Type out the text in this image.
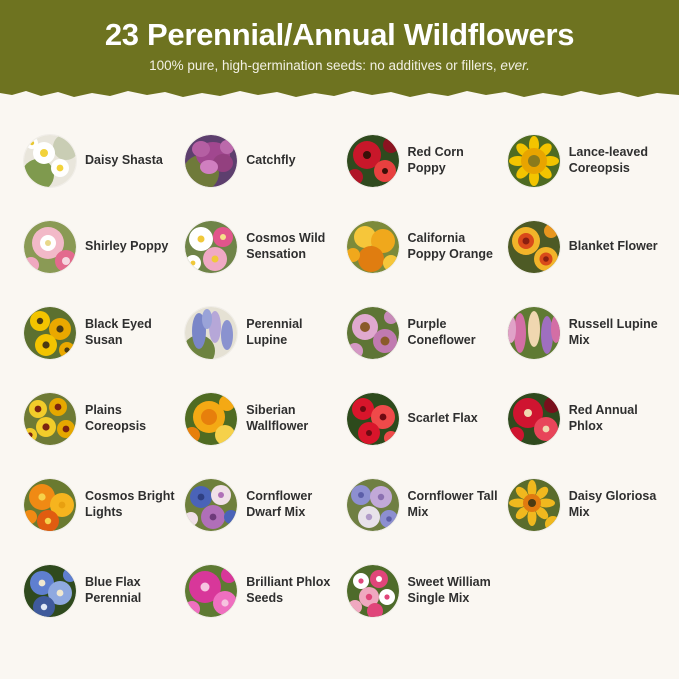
23 Perennial/Annual Wildflowers
100% pure, high-germination seeds: no additives or fillers, ever.
Daisy Shasta	Catchfly
Red Corn Poppy
Lance-leaved Coreopsis
Shirley Poppy
Cosmos Wild Sensation
California Poppy Orange
Blanket Flower
Black Eyed Susan
Perennial Lupine
Purple Coneflower
Russell Lupine Mix
Plains Coreopsis
Siberian Wallflower
Scarlet Flax
Red Annual Phlox
Cosmos Bright Lights
Cornflower Dwarf Mix
Cornflower Tall Mix
Daisy Gloriosa Mix
Blue Flax Perennial
Brilliant Phlox Seeds
Sweet William Single Mix
